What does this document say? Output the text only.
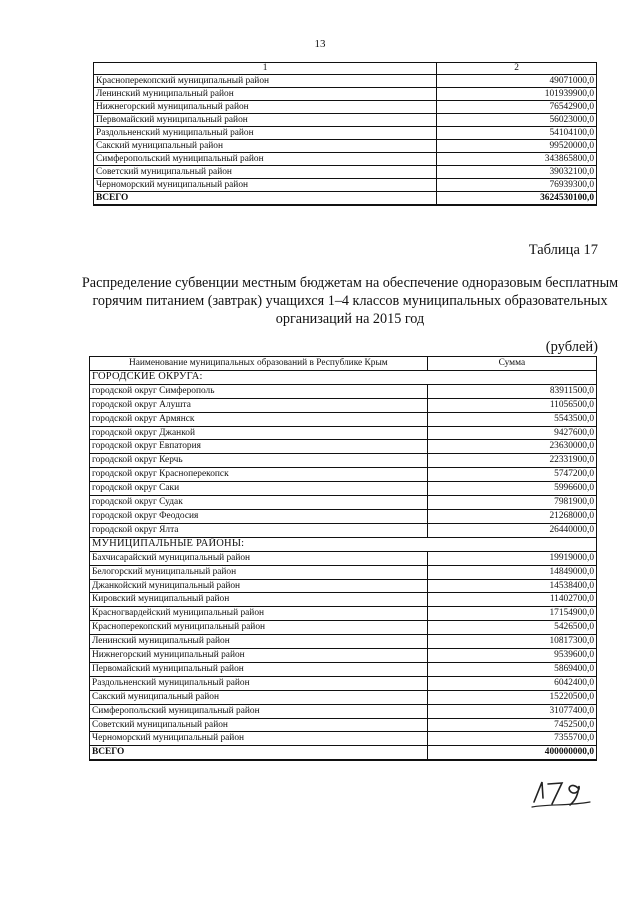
13
1	2
Красноперекопский муниципальный район	49071000,0
Ленинский муниципальный район	101939900,0
Нижнегорский муниципальный район	76542900,0
Первомайский муниципальный район	56023000,0
Раздольненский муниципальный район	54104100,0
Сакский муниципальный район	99520000,0
Симферопольский муниципальный район	343865800,0
Советский муниципальный район	39032100,0
Черноморский муниципальный район	76939300,0
ВСЕГО	3624530100,0
Таблица 17
Распределение субвенции местным бюджетам на обеспечение одноразовым бесплатным горячим питанием (завтрак) учащихся 1–4 классов муниципальных образовательных организаций на 2015 год
(рублей)
Наименование муниципальных образований в Республике Крым	Сумма
ГОРОДСКИЕ ОКРУГА:	
городской округ Симферополь	83911500,0
городской округ Алушта	11056500,0
городской округ Армянск	5543500,0
городской округ Джанкой	9427600,0
городской округ Евпатория	23630000,0
городской округ Керчь	22331900,0
городской округ Красноперекопск	5747200,0
городской округ Саки	5996600,0
городской округ Судак	7981900,0
городской округ Феодосия	21268000,0
городской округ Ялта	26440000,0
МУНИЦИПАЛЬНЫЕ РАЙОНЫ:	
Бахчисарайский муниципальный район	19919000,0
Белогорский муниципальный район	14849000,0
Джанкойский муниципальный район	14538400,0
Кировский муниципальный район	11402700,0
Красногвардейский муниципальный район	17154900,0
Красноперекопский муниципальный район	5426500,0
Ленинский муниципальный район	10817300,0
Нижнегорский муниципальный район	9539600,0
Первомайский муниципальный район	5869400,0
Раздольненский муниципальный район	6042400,0
Сакский муниципальный район	15220500,0
Симферопольский муниципальный район	31077400,0
Советский муниципальный район	7452500,0
Черноморский муниципальный район	7355700,0
ВСЕГО	400000000,0
